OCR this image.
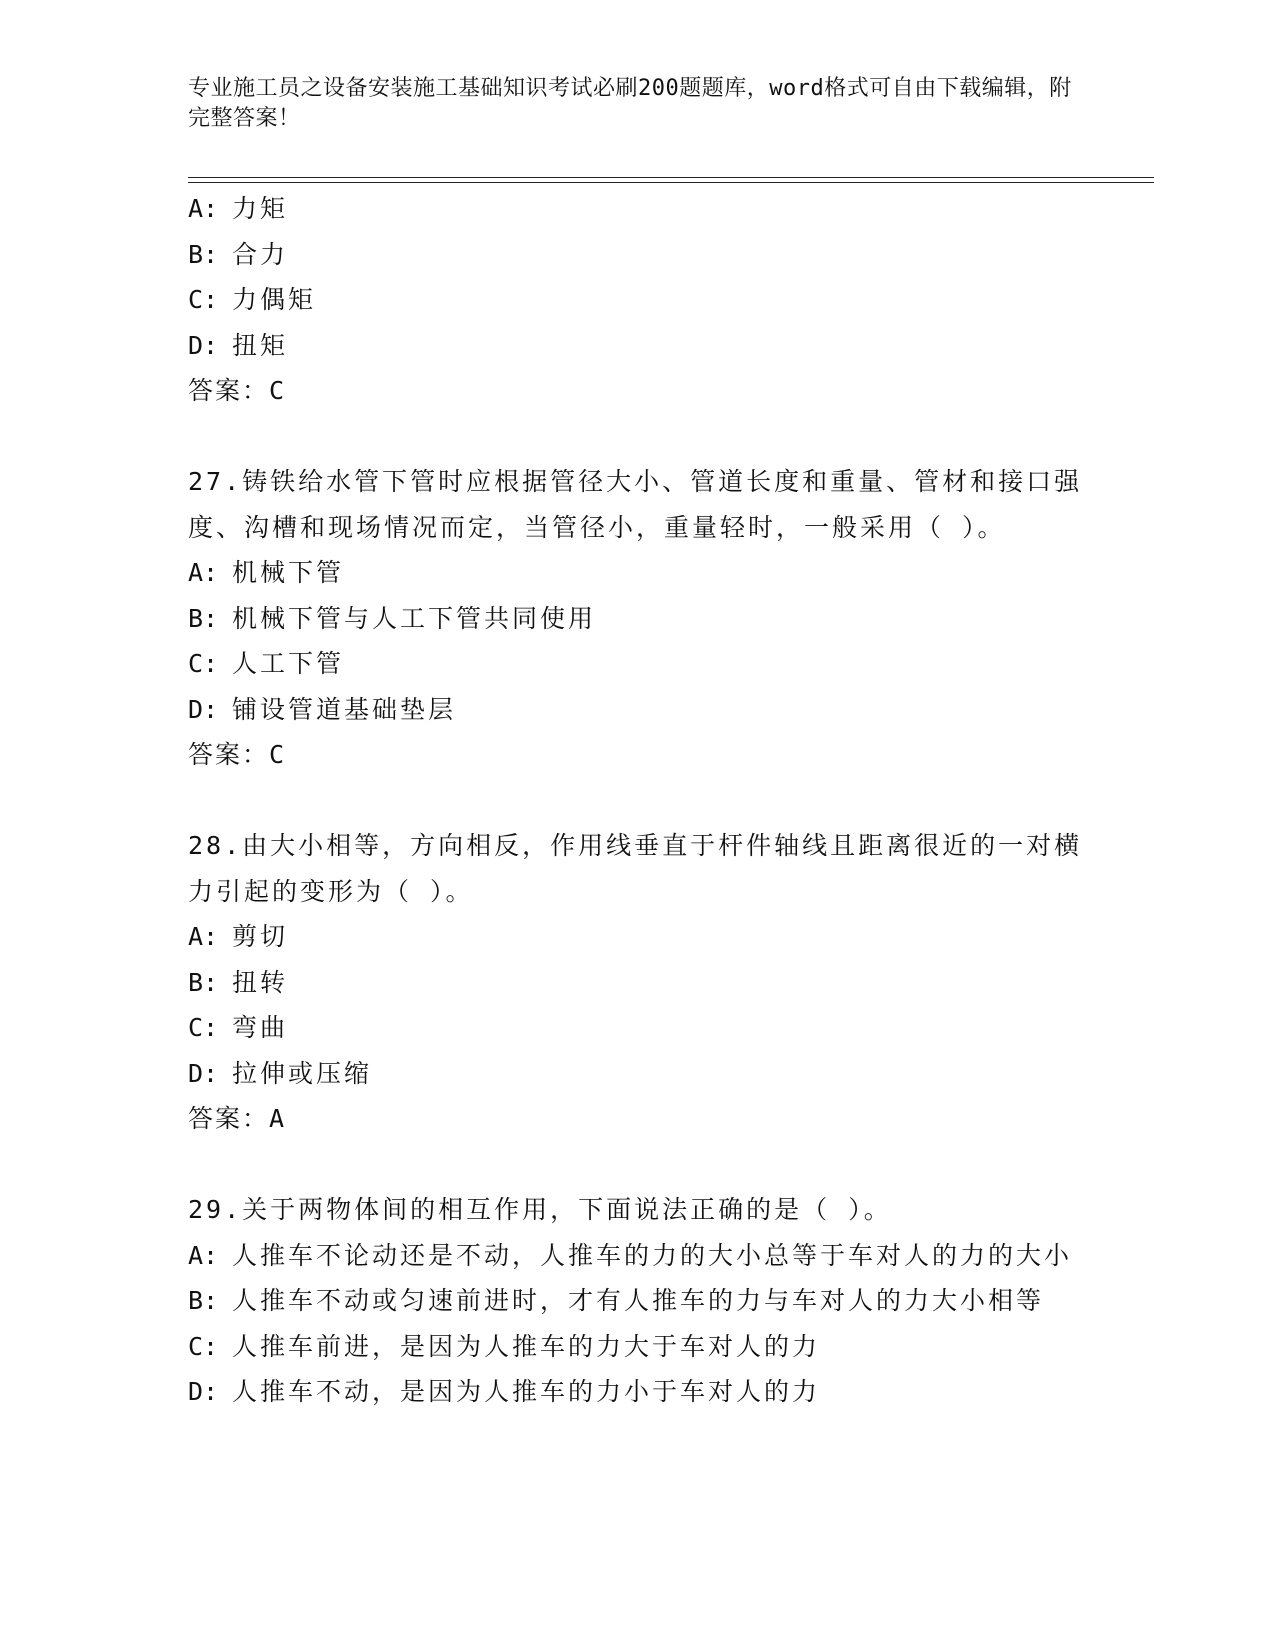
专业施工员之设备安装施工基础知识考试必刷200题题库，word格式可自由下载编辑，附完整答案！
A: 力矩
B: 合力
C: 力偶矩
D: 扭矩
答案：C
27.铸铁给水管下管时应根据管径大小、管道长度和重量、管材和接口强度、沟槽和现场情况而定，当管径小，重量轻时，一般采用（ ）。
A: 机械下管
B: 机械下管与人工下管共同使用
C: 人工下管
D: 铺设管道基础垫层
答案：C
28.由大小相等，方向相反，作用线垂直于杆件轴线且距离很近的一对横力引起的变形为（ ）。
A: 剪切
B: 扭转
C: 弯曲
D: 拉伸或压缩
答案：A
29.关于两物体间的相互作用，下面说法正确的是（ ）。
A: 人推车不论动还是不动，人推车的力的大小总等于车对人的力的大小
B: 人推车不动或匀速前进时，才有人推车的力与车对人的力大小相等
C: 人推车前进，是因为人推车的力大于车对人的力
D: 人推车不动，是因为人推车的力小于车对人的力
